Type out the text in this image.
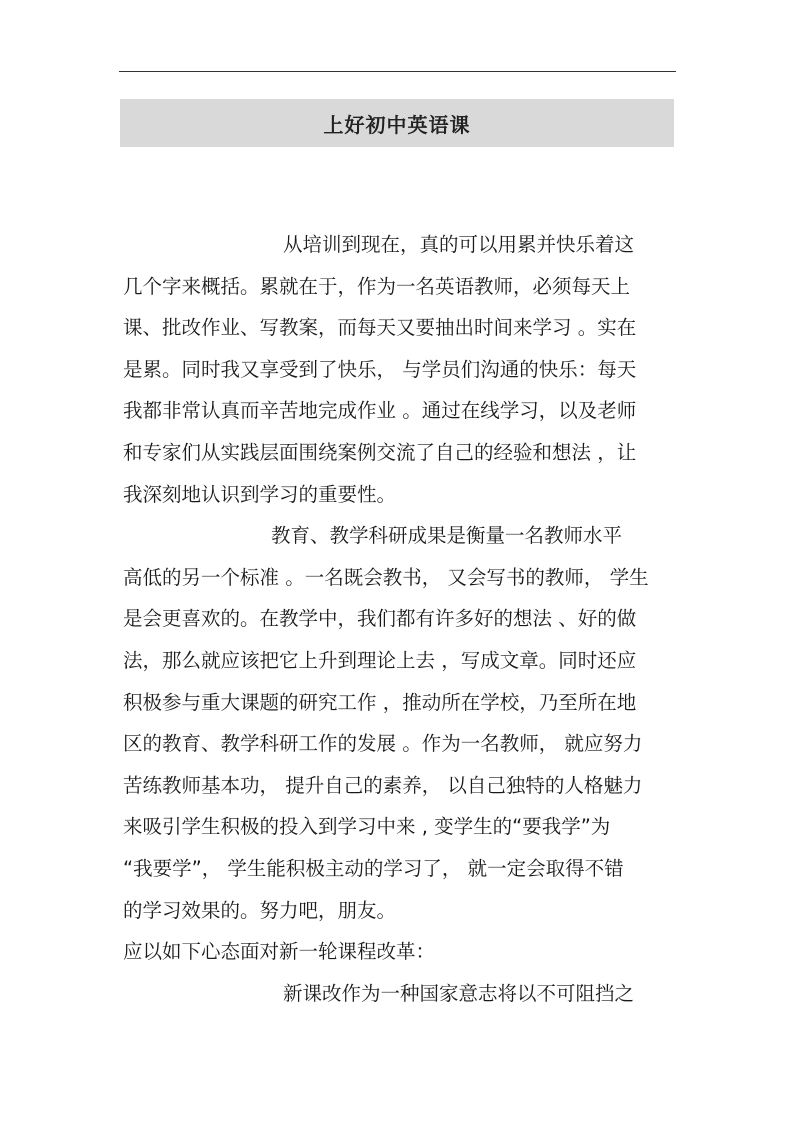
上好初中英语课
从培训到现在，真的可以用累并快乐着这
几个字来概括。累就在于，作为一名英语教师，必须每天上
课、批改作业、写教案，而每天又要抽出时间来学习 。实在
是累。同时我又享受到了快乐， 与学员们沟通的快乐：每天
我都非常认真而辛苦地完成作业 。通过在线学习，以及老师
和专家们从实践层面围绕案例交流了自己的经验和想法 ，让
我深刻地认识到学习的重要性。
教育、教学科研成果是衡量一名教师水平
高低的另一个标准 。一名既会教书， 又会写书的教师， 学生
是会更喜欢的。在教学中，我们都有许多好的想法 、好的做
法，那么就应该把它上升到理论上去 ，写成文章。同时还应
积极参与重大课题的研究工作 ，推动所在学校，乃至所在地
区的教育、教学科研工作的发展 。作为一名教师， 就应努力
苦练教师基本功， 提升自己的素养， 以自己独特的人格魅力
来吸引学生积极的投入到学习中来 , 变学生的“要我学”为
“我要学”， 学生能积极主动的学习了， 就一定会取得不错
的学习效果的。努力吧，朋友。
应以如下心态面对新一轮课程改革：
新课改作为一种国家意志将以不可阻挡之
